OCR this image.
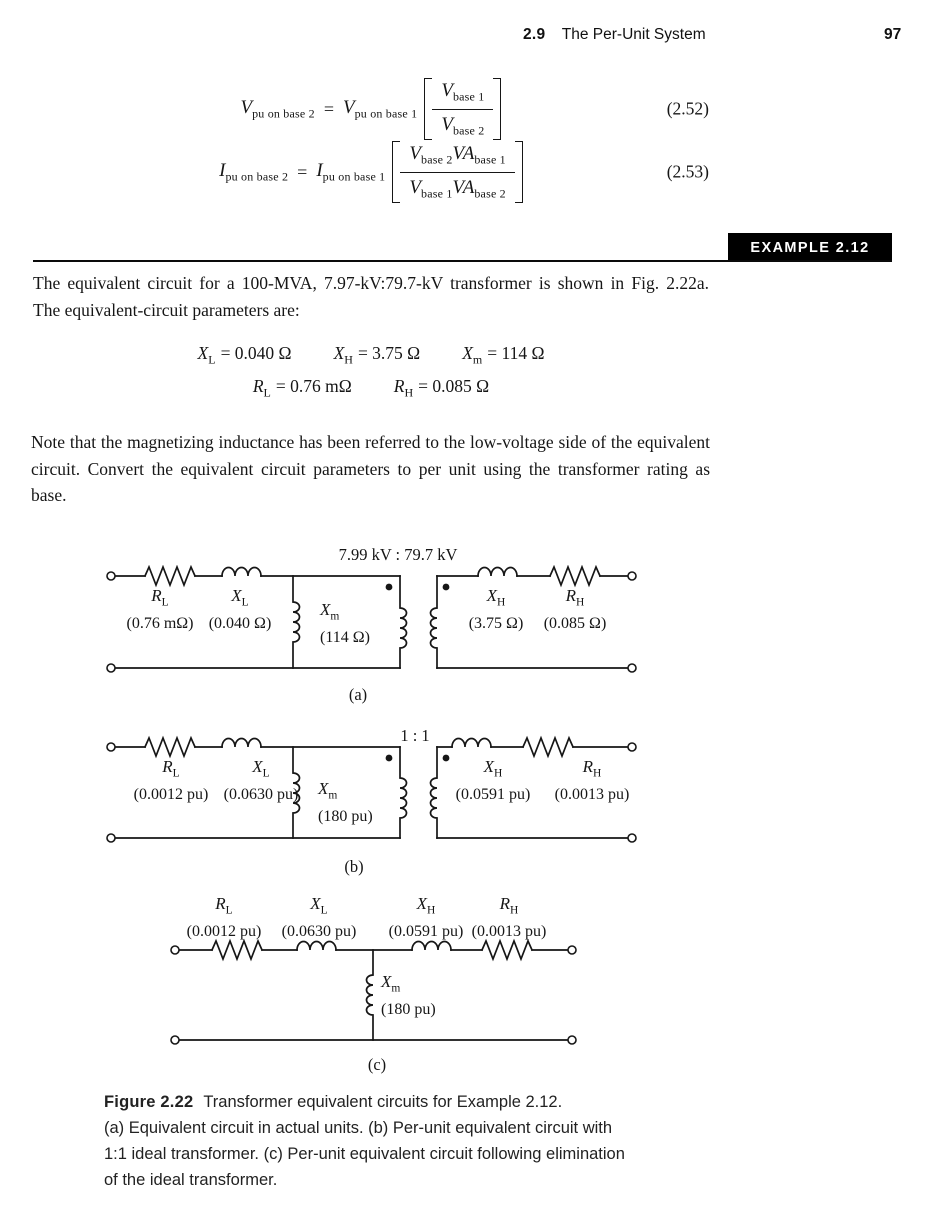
2.9 The Per-Unit System	97
$V_{pu on base 2} = V_{pu on base 1} \frac{V_{base 1}}{V_{base 2}}$	(2.52)
$I_{pu on base 2} = I_{pu on base 1} \frac{V_{base 2}VA_{base 1}}{V_{base 1}VA_{base 2}}$	(2.53)
EXAMPLE 2.12
The equivalent circuit for a 100-MVA, 7.97-kV:79.7-kV transformer is shown in Fig. 2.22a.
The equivalent-circuit parameters are:
$X_L = 0.040$ Ω $X_H = 3.75$ Ω $X_m = 114$ Ω
$R_L = 0.76$ mΩ $R_H = 0.085$ Ω
Note that the magnetizing inductance has been referred to the low-voltage side of the equivalent
circuit. Convert the equivalent circuit parameters to per unit using the transformer rating as
base.
7.99 kV : 79.7 kV
$R_L$
(0.76 mΩ)
$X_L$
(0.040 Ω)
$X_m$
(114 Ω)
$X_H$
(3.75 Ω)
$R_H$
(0.085 Ω)
(a)
1 : 1
$R_L$
(0.0012 pu)
$X_L$
(0.0630 pu) $X_m$
(180 pu)
$X_H$
(0.0591 pu)
$R_H$
(0.0013 pu)
(b)
$R_L$
(0.0012 pu)
$X_L$
(0.0630 pu)
$X_H$
(0.0591 pu)
$R_H$
(0.0013 pu)
$X_m$
(180 pu)
(c)
Figure 2.22 Transformer equivalent circuits for Example 2.12.
(a) Equivalent circuit in actual units. (b) Per-unit equivalent circuit with
1:1 ideal transformer. (c) Per-unit equivalent circuit following elimination
of the ideal transformer.
